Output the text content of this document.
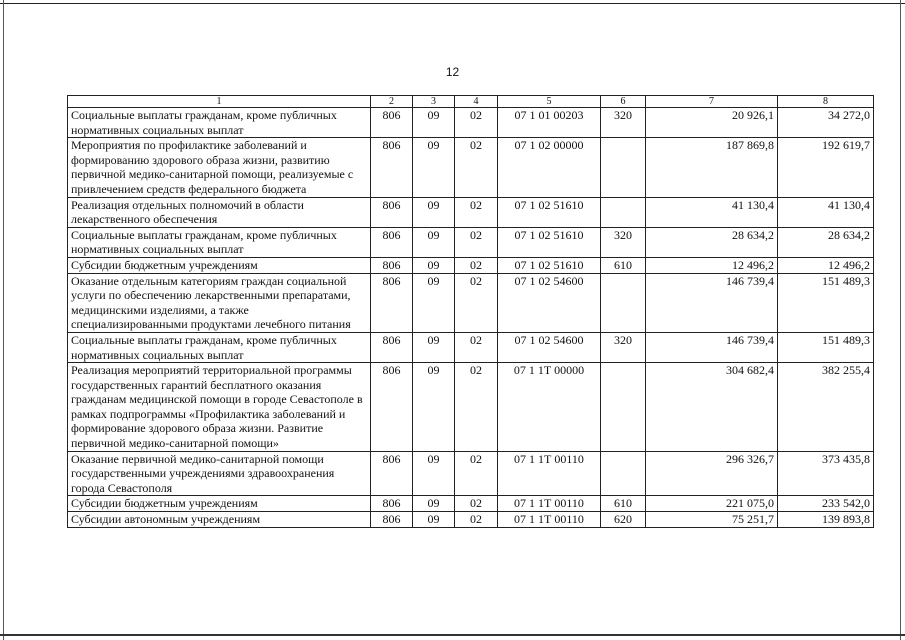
12
1	2	3	4	5	6	7	8
Социальные выплаты гражданам, кроме публичных нормативных социальных выплат	806	09	02	07 1 01 00203	320	20 926,1	34 272,0
Мероприятия по профилактике заболеваний и формированию здорового образа жизни, развитию первичной медико-санитарной помощи, реализуемые с привлечением средств федерального бюджета	806	09	02	07 1 02 00000		187 869,8	192 619,7
Реализация отдельных полномочий в области лекарственного обеспечения	806	09	02	07 1 02 51610		41 130,4	41 130,4
Социальные выплаты гражданам, кроме публичных нормативных социальных выплат	806	09	02	07 1 02 51610	320	28 634,2	28 634,2
Субсидии бюджетным учреждениям	806	09	02	07 1 02 51610	610	12 496,2	12 496,2
Оказание отдельным категориям граждан социальной услуги по обеспечению лекарственными препаратами, медицинскими изделиями, а также специализированными продуктами лечебного питания	806	09	02	07 1 02 54600		146 739,4	151 489,3
Социальные выплаты гражданам, кроме публичных нормативных социальных выплат	806	09	02	07 1 02 54600	320	146 739,4	151 489,3
Реализация мероприятий территориальной программы государственных гарантий бесплатного оказания гражданам медицинской помощи в городе Севастополе в рамках подпрограммы «Профилактика заболеваний и формирование здорового образа жизни. Развитие первичной медико-санитарной помощи»	806	09	02	07 1 1Т 00000		304 682,4	382 255,4
Оказание первичной медико-санитарной помощи государственными учреждениями здравоохранения города Севастополя	806	09	02	07 1 1Т 00110		296 326,7	373 435,8
Субсидии бюджетным учреждениям	806	09	02	07 1 1Т 00110	610	221 075,0	233 542,0
Субсидии автономным учреждениям	806	09	02	07 1 1Т 00110	620	75 251,7	139 893,8
